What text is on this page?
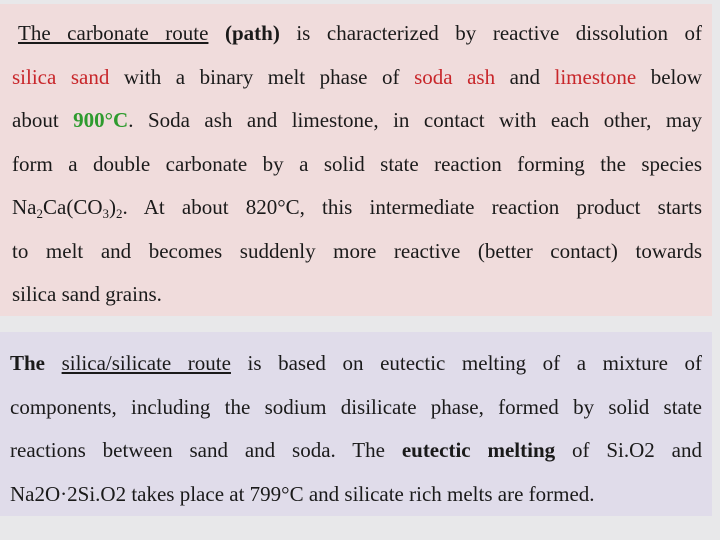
The carbonate route (path) is characterized by reactive dissolution of
silica sand with a binary melt phase of soda ash and limestone below
about 900°C. Soda ash and limestone, in contact with each other, may
form a double carbonate by a solid state reaction forming the species
$Na_2Ca(CO_3)_2$. At about 820°C, this intermediate reaction product starts
to melt and becomes suddenly more reactive (better contact) towards
silica sand grains.
The silica/silicate route is based on eutectic melting of a mixture of
components, including the sodium disilicate phase, formed by solid state
reactions between sand and soda. The eutectic melting of Si.O2 and
Na2O·2Si.O2 takes place at 799°C and silicate rich melts are formed.
